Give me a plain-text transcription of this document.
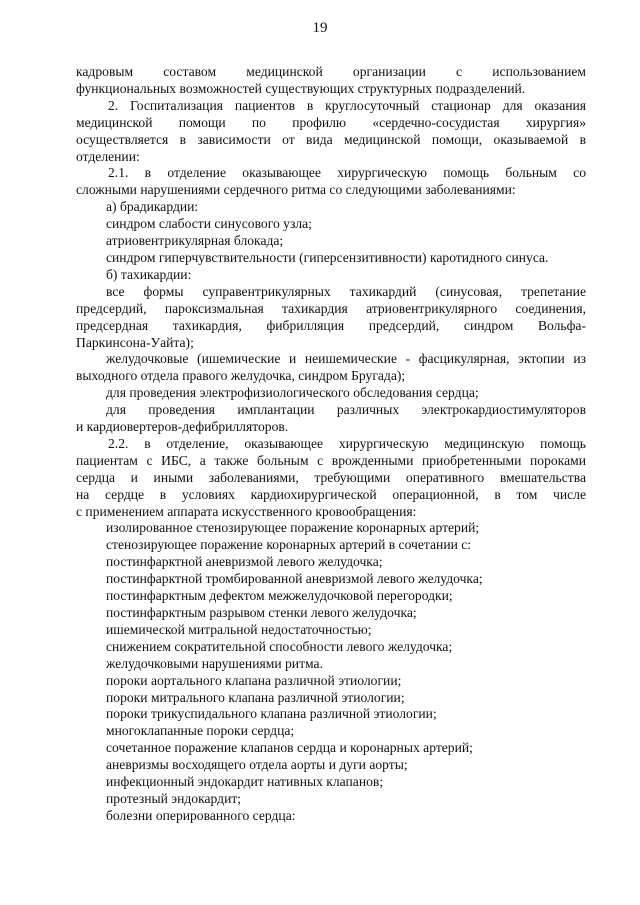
19
кадровым составом медицинской организации с использованием
функциональных возможностей существующих структурных подразделений.
2. Госпитализация пациентов в круглосуточный стационар для оказания
медицинской помощи по профилю «сердечно-сосудистая хирургия»
осуществляется в зависимости от вида медицинской помощи, оказываемой в
отделении:
2.1. в отделение оказывающее хирургическую помощь больным со
сложными нарушениями сердечного ритма со следующими заболеваниями:
а) брадикардии:
синдром слабости синусового узла;
атриовентрикулярная блокада;
синдром гиперчувствительности (гиперсензитивности) каротидного синуса.
б) тахикардии:
все формы суправентрикулярных тахикардий (синусовая, трепетание
предсердий, пароксизмальная тахикардия атриовентрикулярного соединения,
предсердная тахикардия, фибрилляция предсердий, синдром Вольфа-
Паркинсона-Уайта);
желудочковые (ишемические и неишемические - фасцикулярная, эктопии из
выходного отдела правого желудочка, синдром Бругада);
для проведения электрофизиологического обследования сердца;
для проведения имплантации различных электрокардиостимуляторов
и кардиовертеров-дефибрилляторов.
2.2. в отделение, оказывающее хирургическую медицинскую помощь
пациентам с ИБС, а также больным с врожденными приобретенными пороками
сердца и иными заболеваниями, требующими оперативного вмешательства
на сердце в условиях кардиохирургической операционной, в том числе
с применением аппарата искусственного кровообращения:
изолированное стенозирующее поражение коронарных артерий;
стенозирующее поражение коронарных артерий в сочетании с:
постинфарктной аневризмой левого желудочка;
постинфарктной тромбированной аневризмой левого желудочка;
постинфарктным дефектом межжелудочковой перегородки;
постинфарктным разрывом стенки левого желудочка;
ишемической митральной недостаточностью;
снижением сократительной способности левого желудочка;
желудочковыми нарушениями ритма.
пороки аортального клапана различной этиологии;
пороки митрального клапана различной этиологии;
пороки трикуспидального клапана различной этиологии;
многоклапанные пороки сердца;
сочетанное поражение клапанов сердца и коронарных артерий;
аневризмы восходящего отдела аорты и дуги аорты;
инфекционный эндокардит нативных клапанов;
протезный эндокардит;
болезни оперированного сердца:
